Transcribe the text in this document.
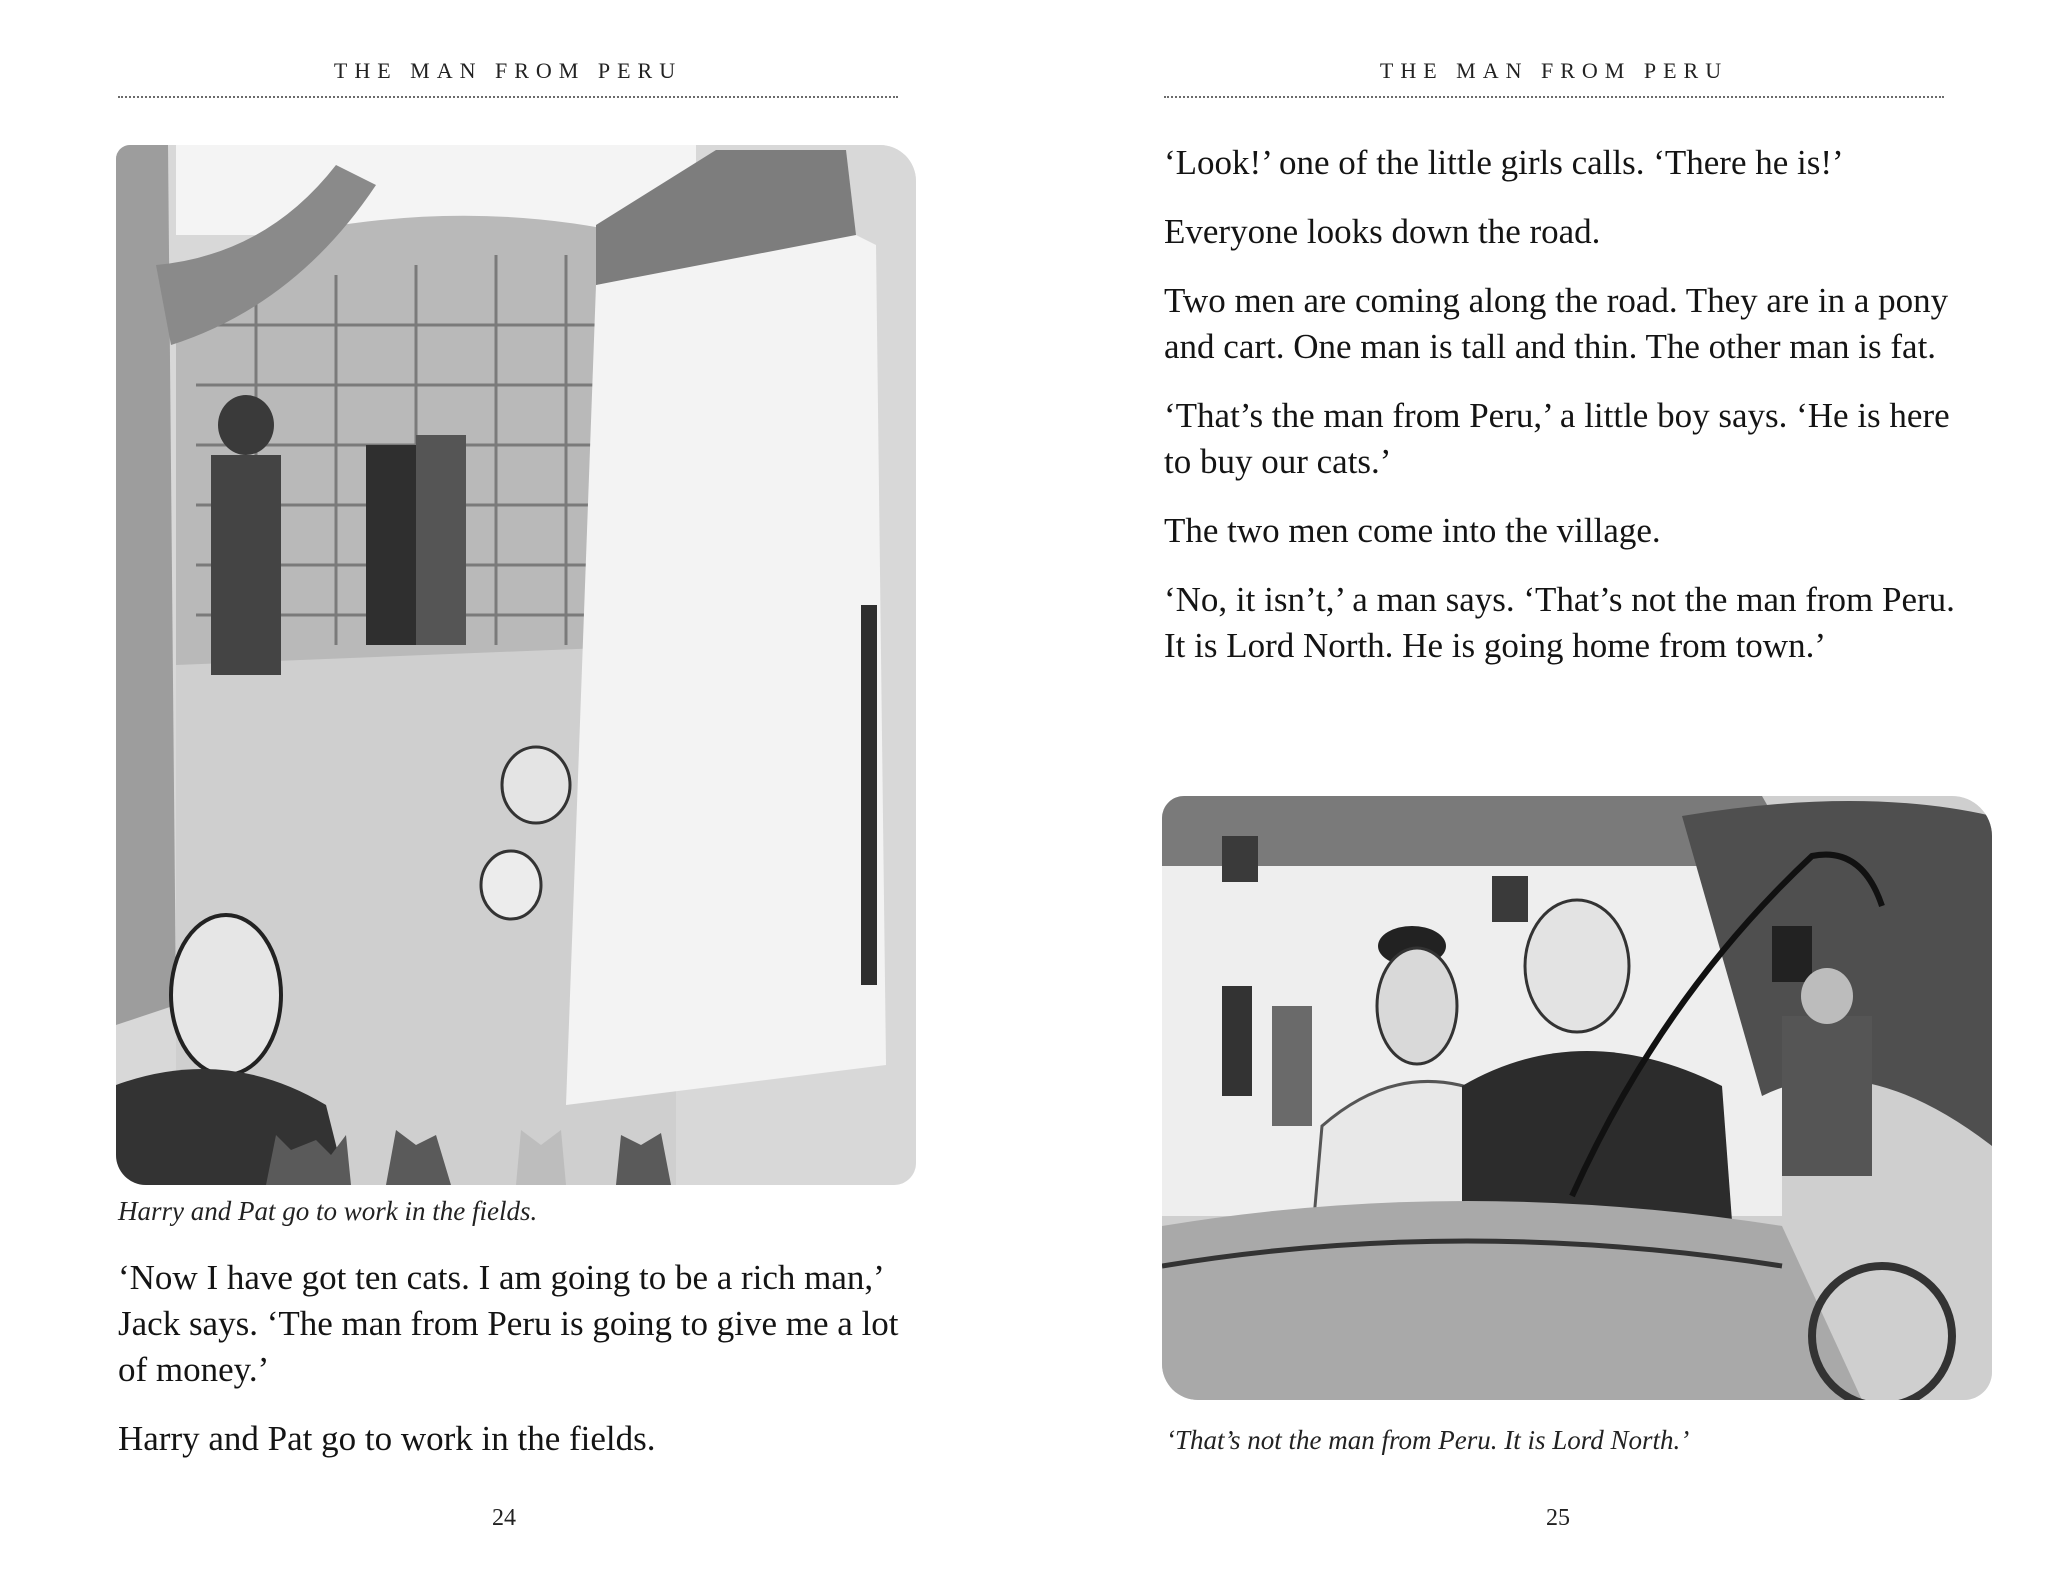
THE MAN FROM PERU
Harry and Pat go to work in the fields.

‘Now I have got ten cats. I am going to be a rich man,’ Jack says. ‘The man from Peru is going to give me a lot of money.’

Harry and Pat go to work in the fields.

24
THE MAN FROM PERU

‘Look!’ one of the little girls calls. ‘There he is!’

Everyone looks down the road.

Two men are coming along the road. They are in a pony and cart. One man is tall and thin. The other man is fat.

‘That’s the man from Peru,’ a little boy says. ‘He is here to buy our cats.’

The two men come into the village.

‘No, it isn’t,’ a man says. ‘That’s not the man from Peru. It is Lord North. He is going home from town.’

‘That’s not the man from Peru. It is Lord North.’
25
